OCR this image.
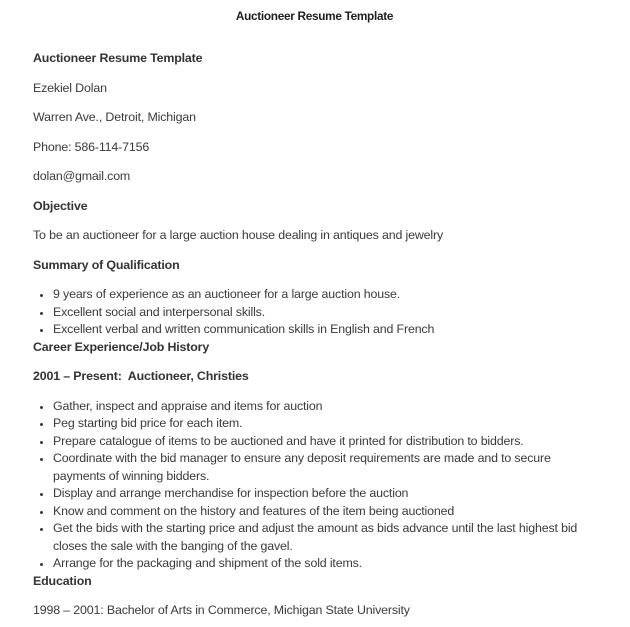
Auctioneer Resume Template

Auctioneer Resume Template

Ezekiel Dolan

Warren Ave., Detroit, Michigan

Phone: 586-114-7156

dolan@gmail.com

Objective

To be an auctioneer for a large auction house dealing in antiques and jewelry

Summary of Qualification

• 9 years of experience as an auctioneer for a large auction house.
• Excellent social and interpersonal skills.
• Excellent verbal and written communication skills in English and French

Career Experience/Job History

2001 – Present:  Auctioneer, Christies

• Gather, inspect and appraise and items for auction
• Peg starting bid price for each item.
• Prepare catalogue of items to be auctioned and have it printed for distribution to bidders.
• Coordinate with the bid manager to ensure any deposit requirements are made and to secure payments of winning bidders.
• Display and arrange merchandise for inspection before the auction
• Know and comment on the history and features of the item being auctioned
• Get the bids with the starting price and adjust the amount as bids advance until the last highest bid closes the sale with the banging of the gavel.
• Arrange for the packaging and shipment of the sold items.

Education

1998 – 2001: Bachelor of Arts in Commerce, Michigan State University
